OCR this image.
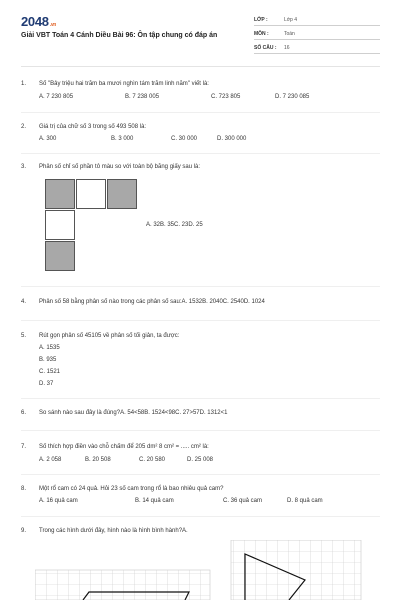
2048.vn
Giải VBT Toán 4 Cánh Diều Bài 96: Ôn tập chung có đáp án
LỚP :	Lớp 4
MÔN :	Toán
SỐ CÂU : 16
1. Số "Bảy triệu hai trăm ba mươi nghìn tám trăm linh năm" viết là:
A. 7 230 805	B. 7 238 005	C. 723 805	D. 7 230 085
2. Giá trị của chữ số 3 trong số 493 508 là:
A. 300	B. 3 000	C. 30 000	D. 300 000
3. Phân số chỉ số phần tô màu so với toàn bộ băng giấy sau là:
A. 32B. 35C. 23D. 25
4. Phân số 58 bằng phân số nào trong các phân số sau:A. 1532B. 2040C. 2540D. 1024
5. Rút gọn phân số 45105 về phân số tối giản, ta được:
A. 1535
B. 935
C. 1521
D. 37
6. So sánh nào sau đây là đúng?A. 54<58B. 1524<98C. 27>57D. 1312<1
7. Số thích hợp điền vào chỗ chấm để 205 dm² 8 cm² = ..... cm² là:
A. 2 058	B. 20 508	C. 20 580	D. 25 008
8. Một rổ cam có 24 quả. Hỏi 23 số cam trong rổ là bao nhiêu quả cam?
A. 16 quả cam	B. 14 quả cam	C. 36 quả cam	D. 8 quả cam
9. Trong các hình dưới đây, hình nào là hình bình hành?A.
